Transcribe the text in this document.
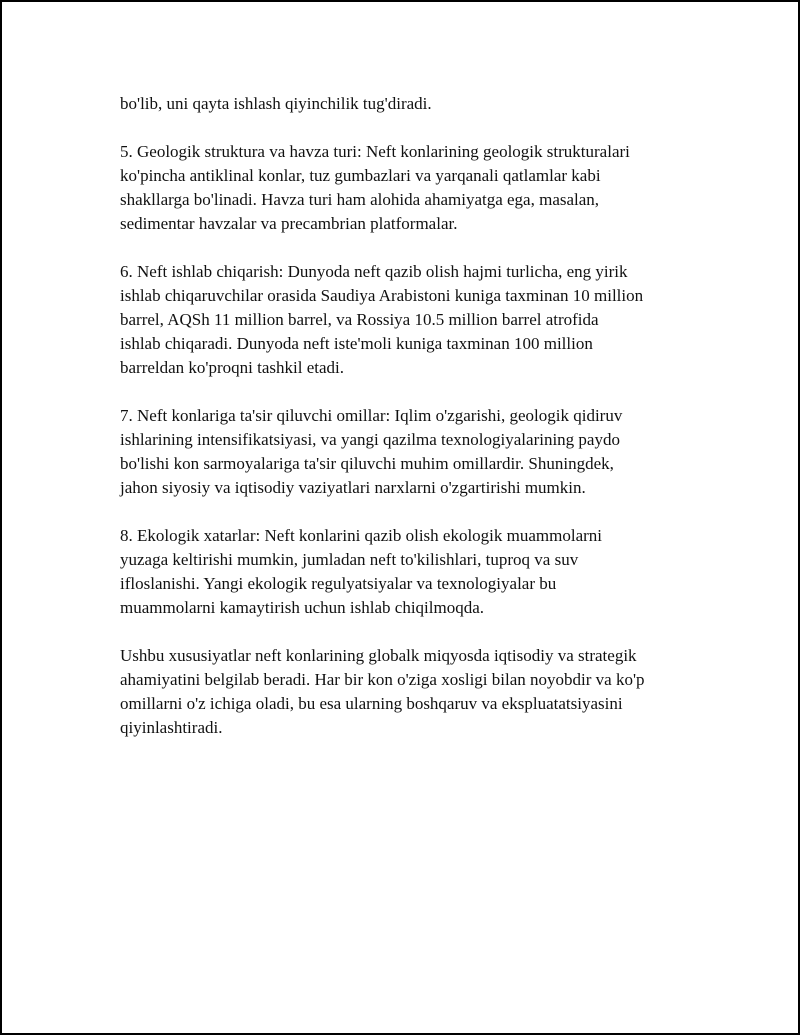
bo'lib, uni qayta ishlash qiyinchilik tug'diradi.

5. Geologik struktura va havza turi: Neft konlarining geologik strukturalari
ko'pincha antiklinal konlar, tuz gumbazlari va yarqanali qatlamlar kabi
shakllarga bo'linadi. Havza turi ham alohida ahamiyatga ega, masalan,
sedimentar havzalar va precambrian platformalar.

6. Neft ishlab chiqarish: Dunyoda neft qazib olish hajmi turlicha, eng yirik
ishlab chiqaruvchilar orasida Saudiya Arabistoni kuniga taxminan 10 million
barrel, AQSh 11 million barrel, va Rossiya 10.5 million barrel atrofida
ishlab chiqaradi. Dunyoda neft iste'moli kuniga taxminan 100 million
barreldan ko'proqni tashkil etadi.

7. Neft konlariga ta'sir qiluvchi omillar: Iqlim o'zgarishi, geologik qidiruv
ishlarining intensifikatsiyasi, va yangi qazilma texnologiyalarining paydo
bo'lishi kon sarmoyalariga ta'sir qiluvchi muhim omillardir. Shuningdek,
jahon siyosiy va iqtisodiy vaziyatlari narxlarni o'zgartirishi mumkin.

8. Ekologik xatarlar: Neft konlarini qazib olish ekologik muammolarni
yuzaga keltirishi mumkin, jumladan neft to'kilishlari, tuproq va suv
ifloslanishi. Yangi ekologik regulyatsiyalar va texnologiyalar bu
muammolarni kamaytirish uchun ishlab chiqilmoqda.

Ushbu xususiyatlar neft konlarining globalk miqyosda iqtisodiy va strategik
ahamiyatini belgilab beradi. Har bir kon o'ziga xosligi bilan noyobdir va ko'p
omillarni o'z ichiga oladi, bu esa ularning boshqaruv va ekspluatatsiyasini
qiyinlashtiradi.
